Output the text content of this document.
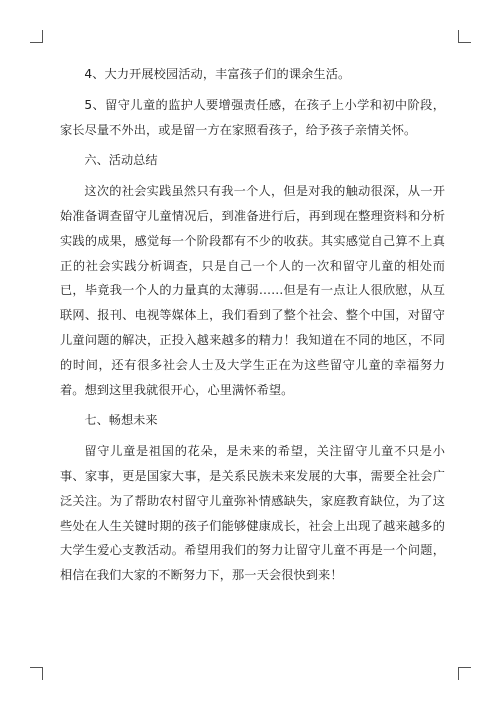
4、大力开展校园活动，丰富孩子们的课余生活。

5、留守儿童的监护人要增强责任感，在孩子上小学和初中阶段，家长尽量不外出，或是留一方在家照看孩子，给予孩子亲情关怀。

六、活动总结

这次的社会实践虽然只有我一个人，但是对我的触动很深，从一开始准备调查留守儿童情况后，到准备进行后，再到现在整理资料和分析实践的成果，感觉每一个阶段都有不少的收获。其实感觉自己算不上真正的社会实践分析调查，只是自己一个人的一次和留守儿童的相处而已，毕竟我一个人的力量真的太薄弱……但是有一点让人很欣慰，从互联网、报刊、电视等媒体上，我们看到了整个社会、整个中国，对留守儿童问题的解决，正投入越来越多的精力！我知道在不同的地区，不同的时间，还有很多社会人士及大学生正在为这些留守儿童的幸福努力着。想到这里我就很开心，心里满怀希望。

七、畅想未来

留守儿童是祖国的花朵，是未来的希望，关注留守儿童不只是小事、家事，更是国家大事，是关系民族未来发展的大事，需要全社会广泛关注。为了帮助农村留守儿童弥补情感缺失，家庭教育缺位，为了这些处在人生关键时期的孩子们能够健康成长，社会上出现了越来越多的大学生爱心支教活动。希望用我们的努力让留守儿童不再是一个问题，相信在我们大家的不断努力下，那一天会很快到来！
